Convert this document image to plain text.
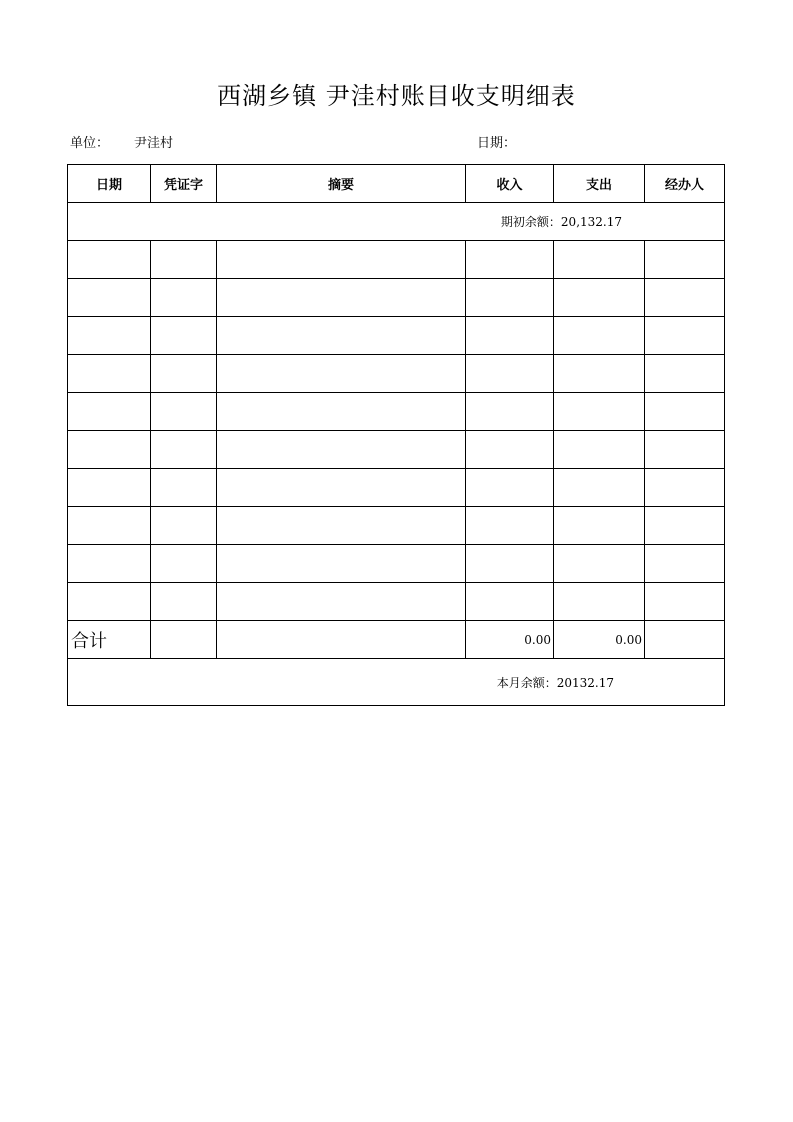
西湖乡镇 尹洼村账目收支明细表
单位： 尹洼村	日期：
日期	凭证字	摘要	收入	支出	经办人
期初余额：20,132.17					

合计			0.00	0.00	
本月余额：20132.17					
